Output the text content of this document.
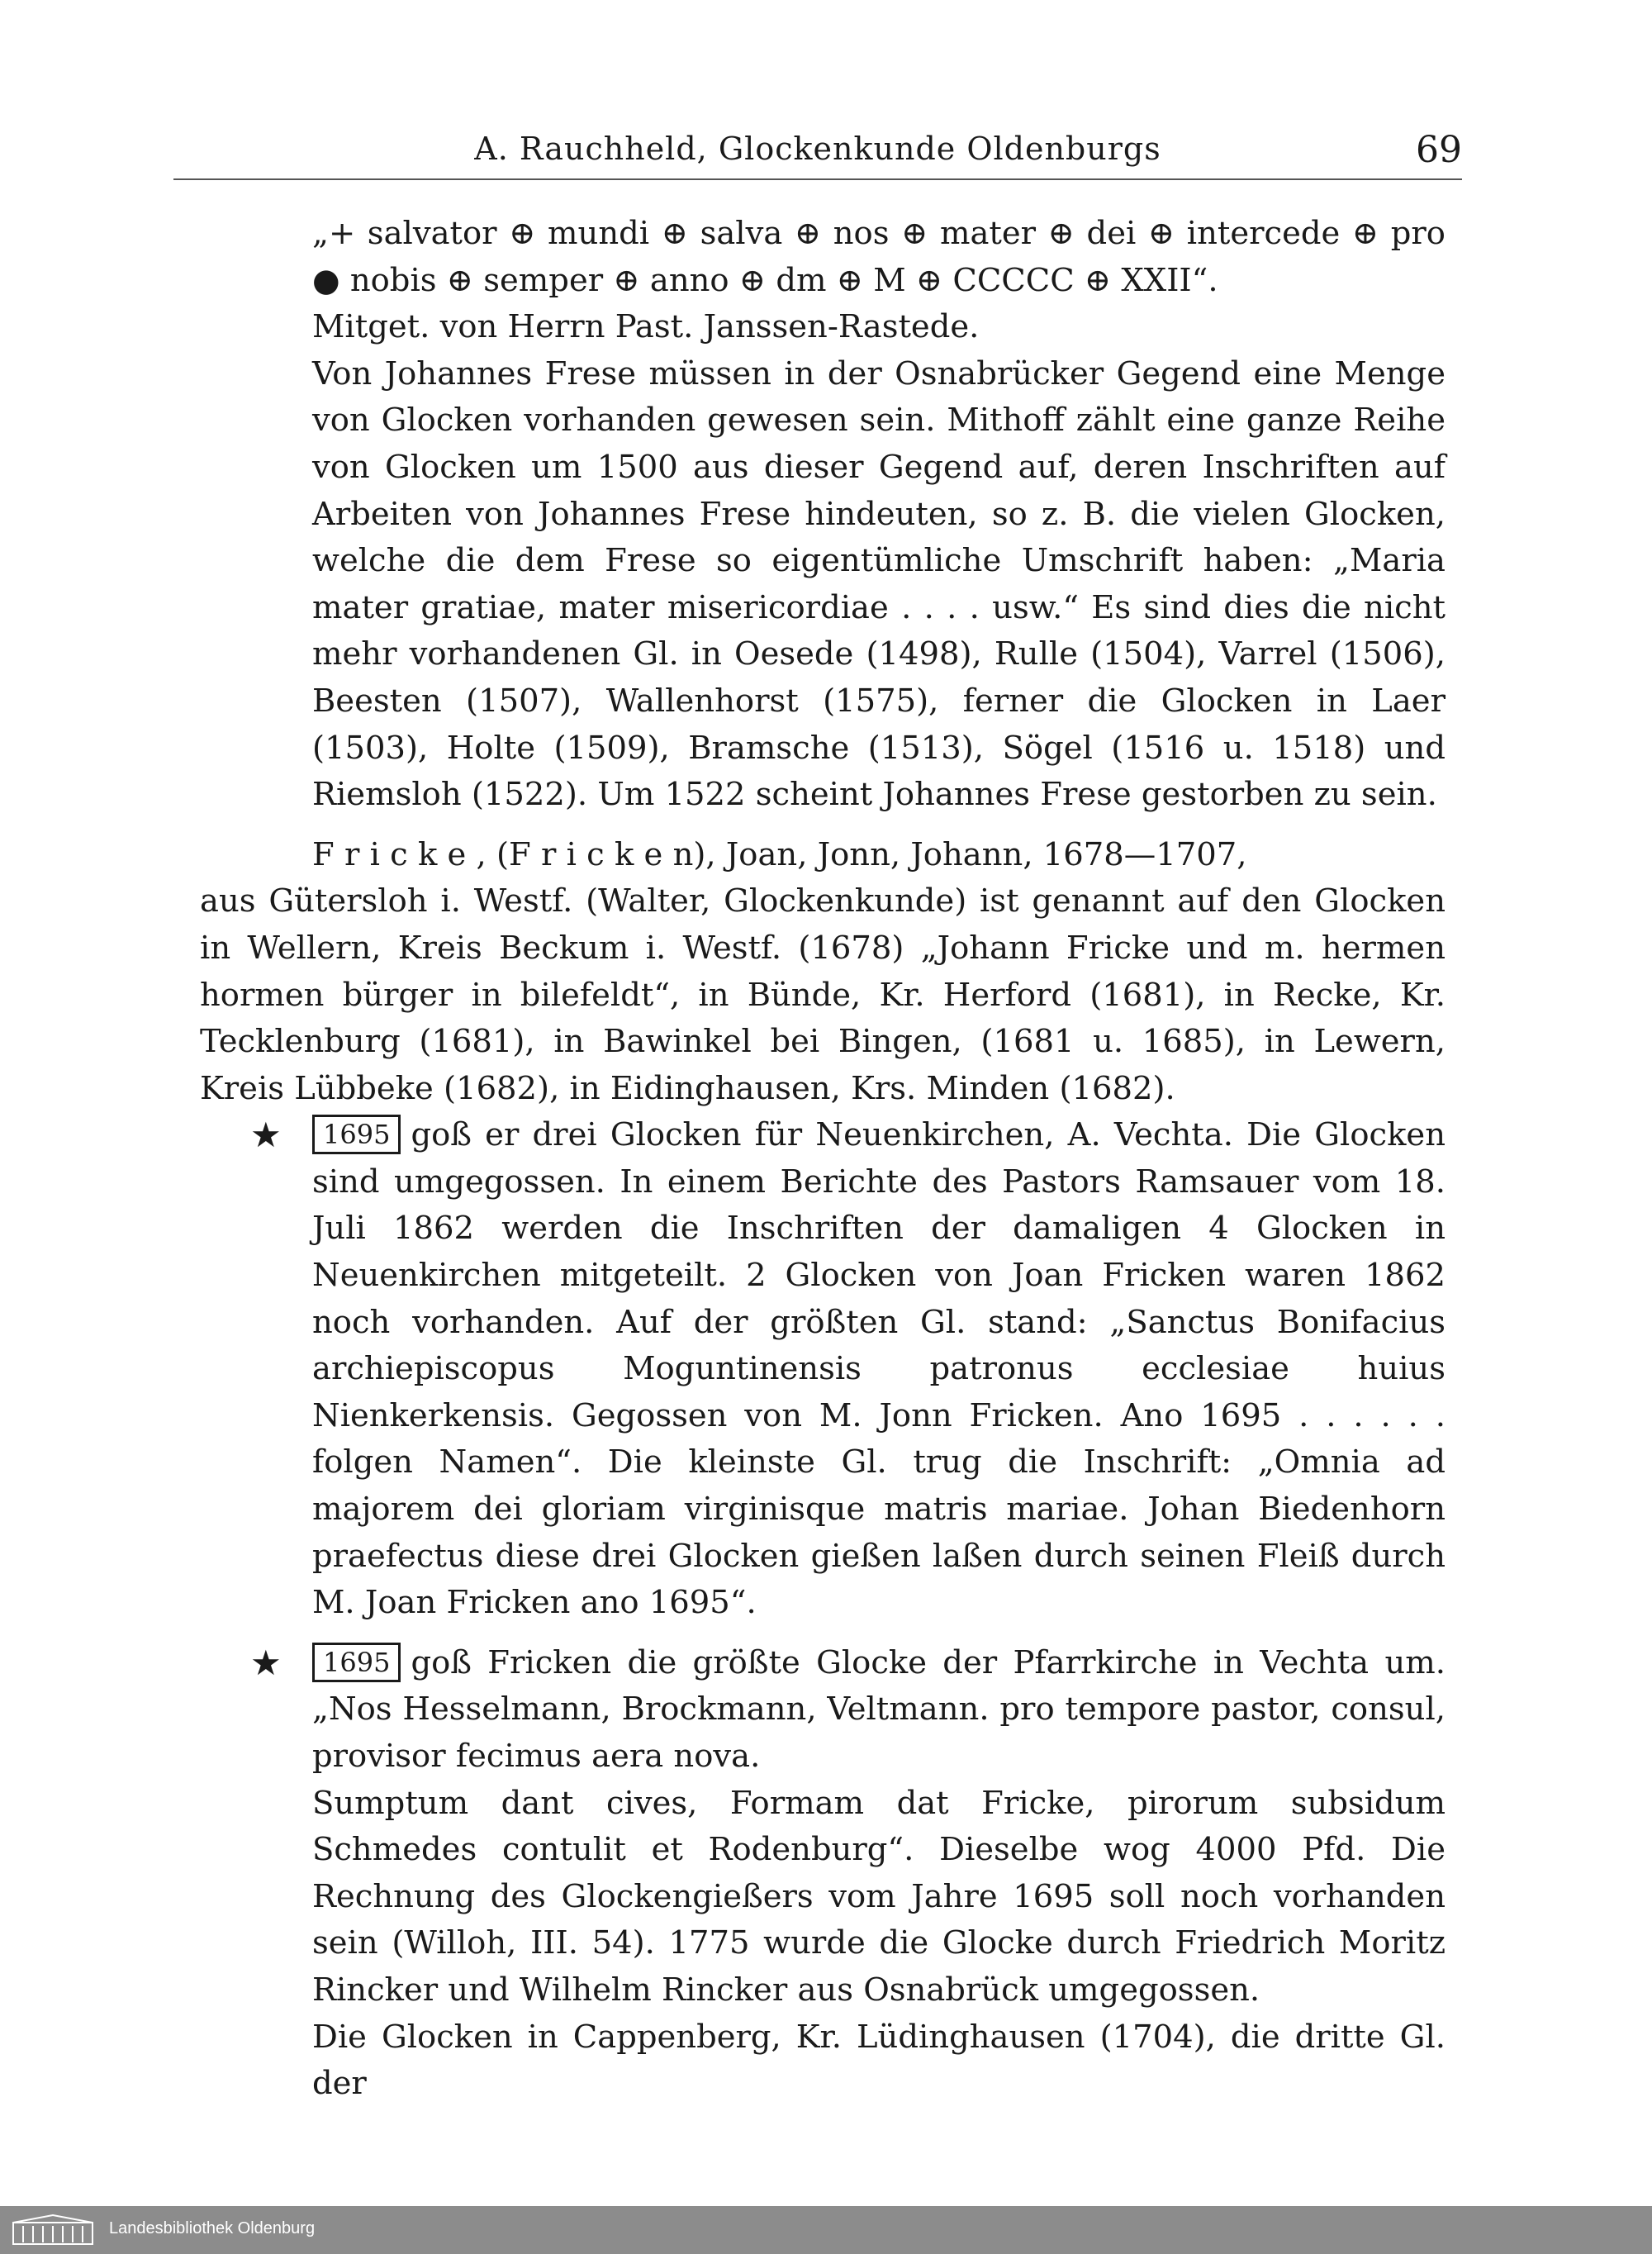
A. Rauchheld, Glockenkunde Oldenburgs	69

„+ salvator ⊕ mundi ⊕ salva ⊕ nos ⊕ mater ⊕ dei ⊕ intercede ⊕ pro ● nobis ⊕ semper ⊕ anno ⊕ dm ⊕ M ⊕ CCCCC ⊕ XXII“.

Mitget. von Herrn Past. Janssen-Rastede.

Von Johannes Frese müssen in der Osnabrücker Gegend eine Menge von Glocken vorhanden gewesen sein. Mithoff zählt eine ganze Reihe von Glocken um 1500 aus dieser Gegend auf, deren Inschriften auf Arbeiten von Johannes Frese hindeuten, so z. B. die vielen Glocken, welche die dem Frese so eigentümliche Umschrift haben: „Maria mater gratiae, mater misericordiae . . . . usw.“ Es sind dies die nicht mehr vorhandenen Gl. in Oesede (1498), Rulle (1504), Varrel (1506), Beesten (1507), Wallenhorst (1575), ferner die Glocken in Laer (1503), Holte (1509), Bramsche (1513), Sögel (1516 u. 1518) und Riemsloh (1522). Um 1522 scheint Johannes Frese gestorben zu sein.

F r i c k e , (F r i c k e n), Joan, Jonn, Johann, 1678—1707,

aus Gütersloh i. Westf. (Walter, Glockenkunde) ist genannt auf den Glocken in Wellern, Kreis Beckum i. Westf. (1678) „Johann Fricke und m. hermen hormen bürger in bilefeldt“, in Bünde, Kr. Herford (1681), in Recke, Kr. Tecklenburg (1681), in Bawinkel bei Bingen, (1681 u. 1685), in Lewern, Kreis Lübbeke (1682), in Eidinghausen, Krs. Minden (1682).

★	1695 goß er drei Glocken für Neuenkirchen, A. Vechta. Die Glocken sind umgegossen. In einem Berichte des Pastors Ramsauer vom 18. Juli 1862 werden die Inschriften der damaligen 4 Glocken in Neuenkirchen mitgeteilt. 2 Glocken von Joan Fricken waren 1862 noch vorhanden. Auf der größten Gl. stand: „Sanctus Bonifacius archiepiscopus Moguntinensis patronus ecclesiae huius Nienkerkensis. Gegossen von M. Jonn Fricken. Ano 1695 . . . . . . folgen Namen“. Die kleinste Gl. trug die Inschrift: „Omnia ad majorem dei gloriam virginisque matris mariae. Johan Biedenhorn praefectus diese drei Glocken gießen laßen durch seinen Fleiß durch M. Joan Fricken ano 1695“.

★	1695 goß Fricken die größte Glocke der Pfarrkirche in Vechta um. „Nos Hesselmann, Brockmann, Veltmann. pro tempore pastor, consul, provisor fecimus aera nova.

Sumptum dant cives, Formam dat Fricke, pirorum subsidum Schmedes contulit et Rodenburg“. Dieselbe wog 4000 Pfd. Die Rechnung des Glockengießers vom Jahre 1695 soll noch vorhanden sein (Willoh, III. 54). 1775 wurde die Glocke durch Friedrich Moritz Rincker und Wilhelm Rincker aus Osnabrück umgegossen.

Die Glocken in Cappenberg, Kr. Lüdinghausen (1704), die dritte Gl. der

Landesbibliothek Oldenburg
